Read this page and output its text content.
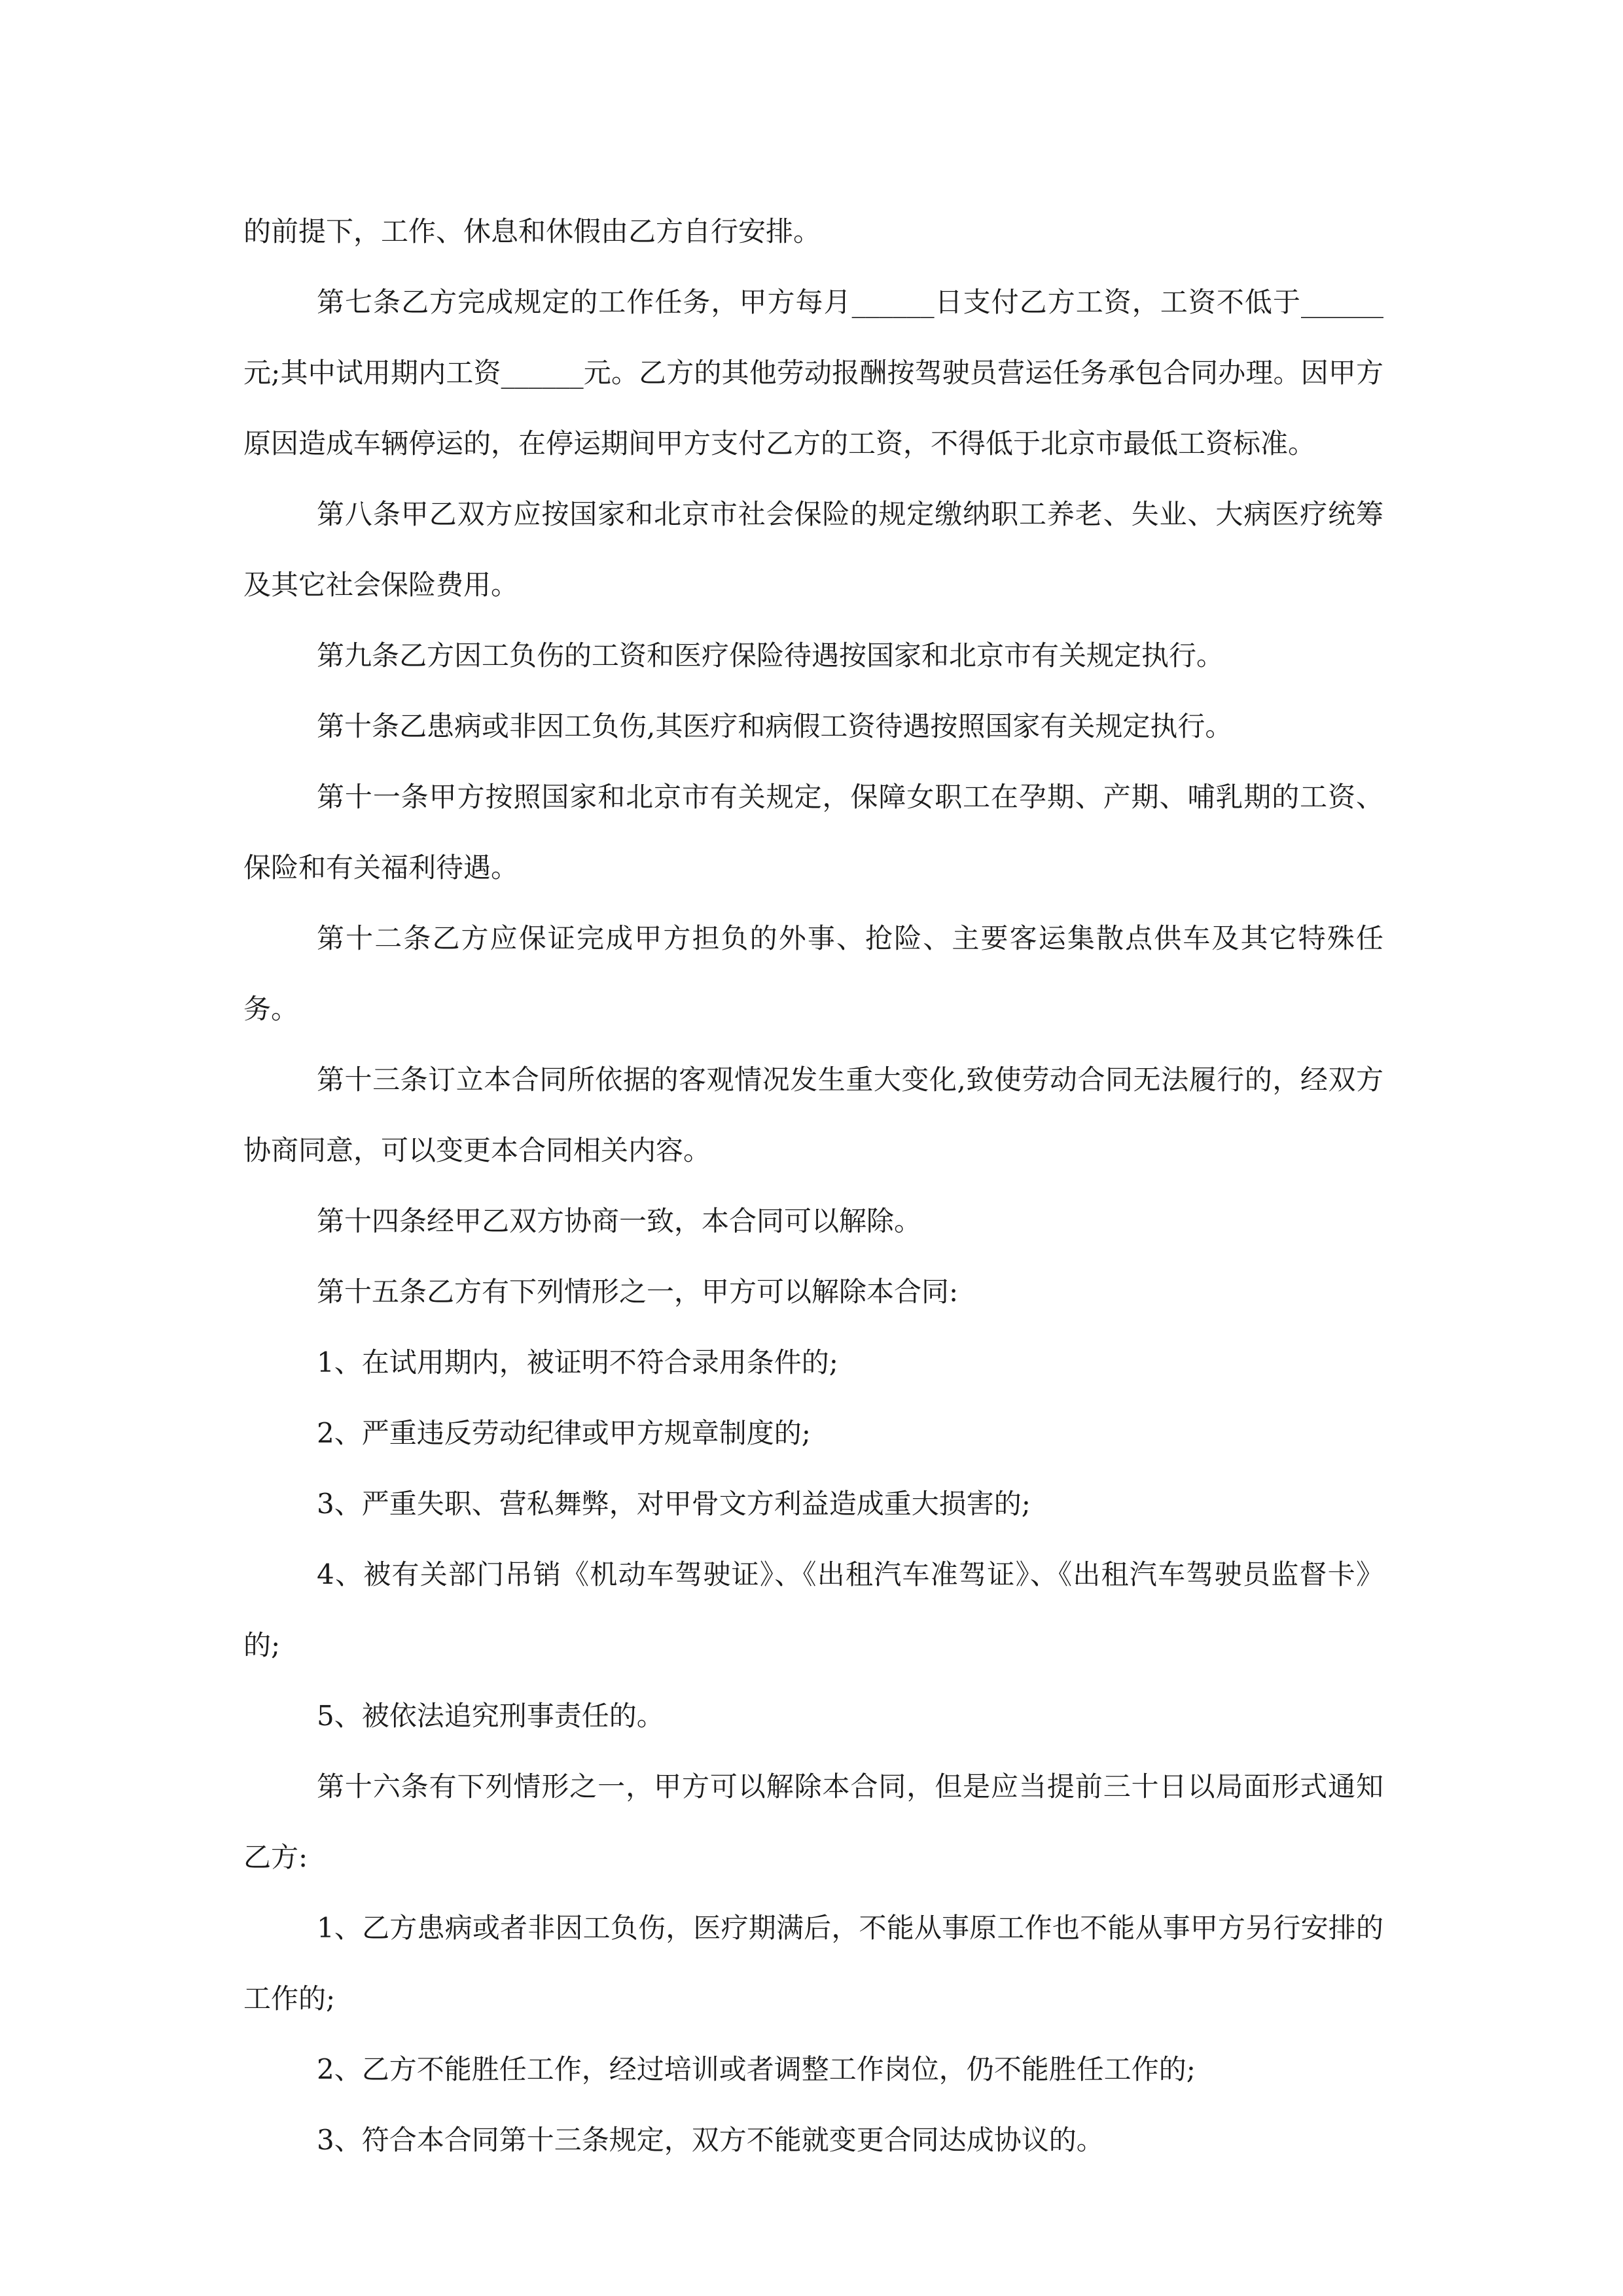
的前提下，工作、休息和休假由乙方自行安排。

第七条乙方完成规定的工作任务，甲方每月______日支付乙方工资，工资不低于______元;其中试用期内工资______元。乙方的其他劳动报酬按驾驶员营运任务承包合同办理。因甲方原因造成车辆停运的，在停运期间甲方支付乙方的工资，不得低于北京市最低工资标准。

第八条甲乙双方应按国家和北京市社会保险的规定缴纳职工养老、失业、大病医疗统筹及其它社会保险费用。

第九条乙方因工负伤的工资和医疗保险待遇按国家和北京市有关规定执行。

第十条乙患病或非因工负伤,其医疗和病假工资待遇按照国家有关规定执行。

第十一条甲方按照国家和北京市有关规定，保障女职工在孕期、产期、哺乳期的工资、保险和有关福利待遇。

第十二条乙方应保证完成甲方担负的外事、抢险、主要客运集散点供车及其它特殊任务。

第十三条订立本合同所依据的客观情况发生重大变化,致使劳动合同无法履行的，经双方协商同意，可以变更本合同相关内容。

第十四条经甲乙双方协商一致，本合同可以解除。

第十五条乙方有下列情形之一，甲方可以解除本合同:

1、在试用期内，被证明不符合录用条件的;

2、严重违反劳动纪律或甲方规章制度的;

3、严重失职、营私舞弊，对甲骨文方利益造成重大损害的;

4、被有关部门吊销《机动车驾驶证》、《出租汽车准驾证》、《出租汽车驾驶员监督卡》的;

5、被依法追究刑事责任的。

第十六条有下列情形之一，甲方可以解除本合同，但是应当提前三十日以局面形式通知乙方:

1、乙方患病或者非因工负伤，医疗期满后，不能从事原工作也不能从事甲方另行安排的工作的;

2、乙方不能胜任工作，经过培训或者调整工作岗位，仍不能胜任工作的;

3、符合本合同第十三条规定，双方不能就变更合同达成协议的。
